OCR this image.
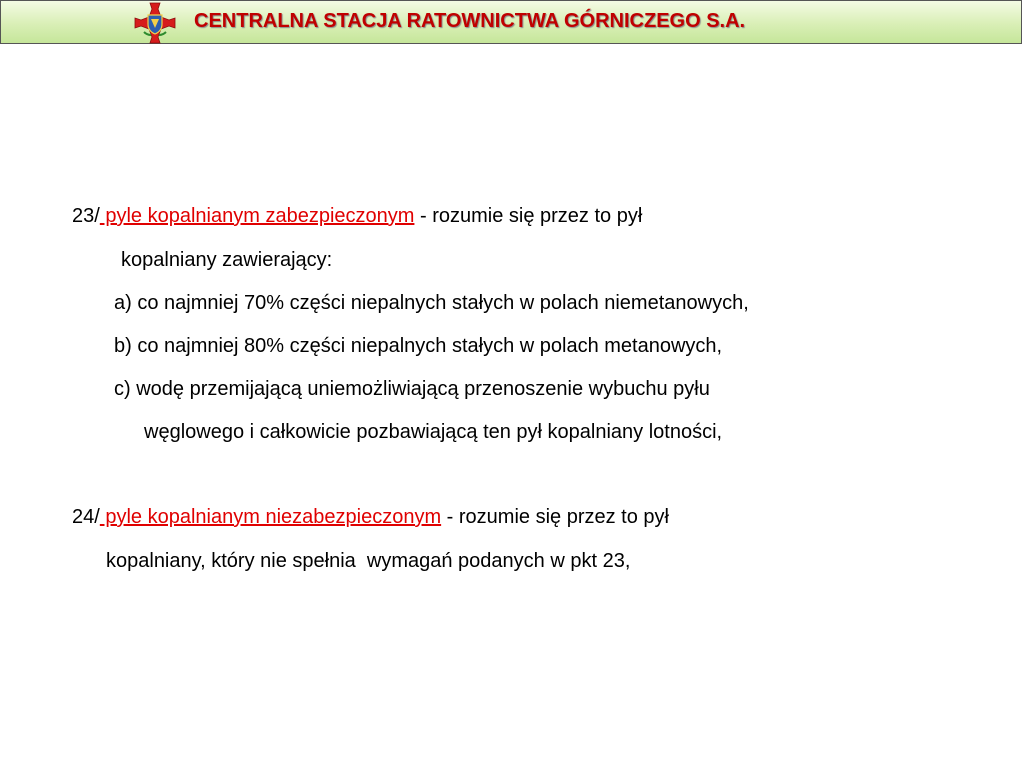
CENTRALNA STACJA RATOWNICTWA GÓRNICZEGO S.A.
23/ pyle kopalnianym zabezpieczonym - rozumie się przez to pył
kopalniany zawierający:
a) co najmniej 70% części niepalnych stałych w polach niemetanowych,
b) co najmniej 80% części niepalnych stałych w polach metanowych,
c) wodę przemijającą uniemożliwiającą przenoszenie wybuchu pyłu
węglowego i całkowicie pozbawiającą ten pył kopalniany lotności,
24/ pyle kopalnianym niezabezpieczonym - rozumie się przez to pył
kopalniany, który nie spełnia  wymagań podanych w pkt 23,
